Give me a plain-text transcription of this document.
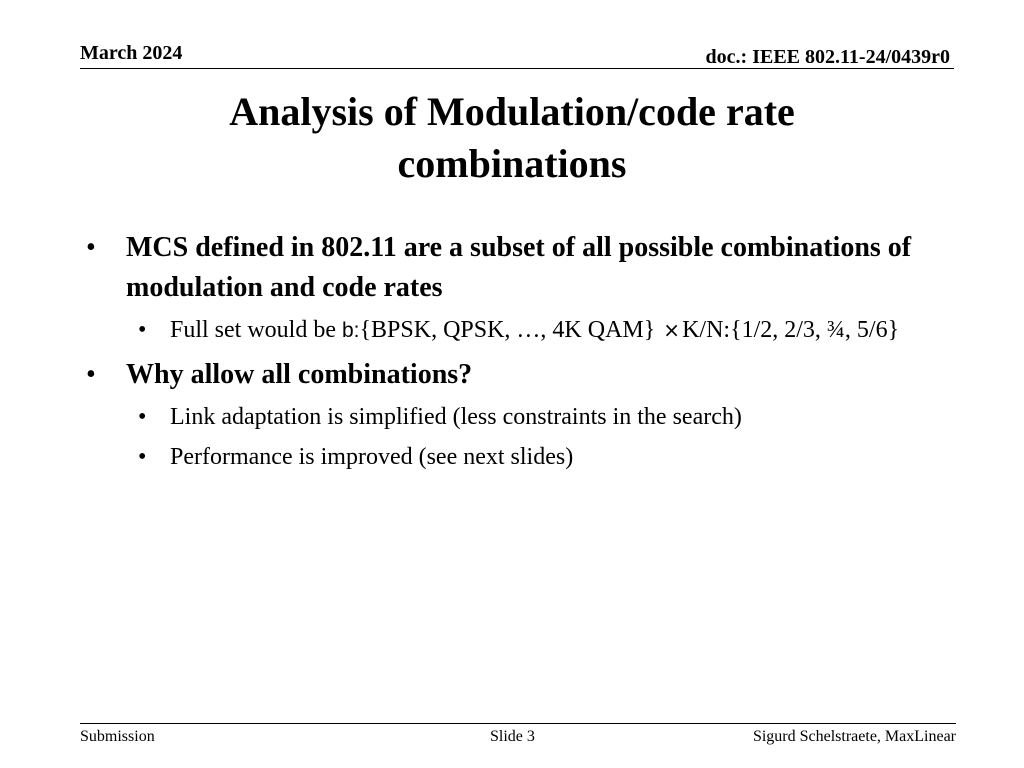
March 2024	doc.: IEEE 802.11-24/0439r0
Analysis of Modulation/code rate
combinations
• MCS defined in 802.11 are a subset of all possible combinations of modulation and code rates
• Full set would be b:{BPSK, QPSK, …, 4K QAM} ×K/N:{1/2, 2/3, ¾, 5/6}
• Why allow all combinations?
• Link adaptation is simplified (less constraints in the search)
• Performance is improved (see next slides)
Submission	Slide 3	Sigurd Schelstraete, MaxLinear
